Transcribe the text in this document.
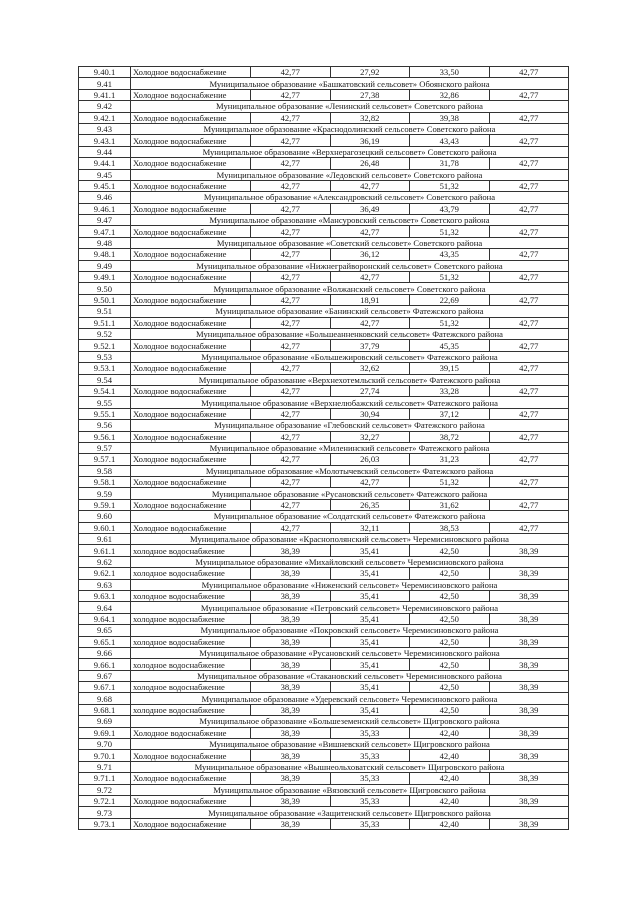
9.40.1	Холодное водоснабжение	42,77	27,92	33,50	42,77
9.41	Муниципальное образование «Башкатовский сельсовет» Обоянского района				
9.41.1	Холодное водоснабжение	42,77	27,38	32,86	42,77
9.42	Муниципальное образование «Ленинский сельсовет» Советского района				
9.42.1	Холодное водоснабжение	42,77	32,82	39,38	42,77
9.43	Муниципальное образование «Краснодолинский сельсовет» Советского района				
9.43.1	Холодное водоснабжение	42,77	36,19	43,43	42,77
9.44	Муниципальное образование «Верхнерагозецкий сельсовет» Советского района				
9.44.1	Холодное водоснабжение	42,77	26,48	31,78	42,77
9.45	Муниципальное образование «Ледовский сельсовет» Советского района				
9.45.1	Холодное водоснабжение	42,77	42,77	51,32	42,77
9.46	Муниципальное образование «Александровский сельсовет» Советского района				
9.46.1	Холодное водоснабжение	42,77	36,49	43,79	42,77
9.47	Муниципальное образование «Мансуровский сельсовет» Советского района				
9.47.1	Холодное водоснабжение	42,77	42,77	51,32	42,77
9.48	Муниципальное образование «Советский сельсовет» Советского района				
9.48.1	Холодное водоснабжение	42,77	36,12	43,35	42,77
9.49	Муниципальное образование «Нижнеграйворонский сельсовет» Советского района				
9.49.1	Холодное водоснабжение	42,77	42,77	51,32	42,77
9.50	Муниципальное образование «Волжанский сельсовет» Советского района				
9.50.1	Холодное водоснабжение	42,77	18,91	22,69	42,77
9.51	Муниципальное образование «Банинский сельсовет» Фатежского района				
9.51.1	Холодное водоснабжение	42,77	42,77	51,32	42,77
9.52	Муниципальное образование «Большеанненковский сельсовет» Фатежского района				
9.52.1	Холодное водоснабжение	42,77	37,79	45,35	42,77
9.53	Муниципальное образование «Большежировский сельсовет» Фатежского района				
9.53.1	Холодное водоснабжение	42,77	32,62	39,15	42,77
9.54	Муниципальное образование «Верхнехотемльский сельсовет» Фатежского района				
9.54.1	Холодное водоснабжение	42,77	27,74	33,28	42,77
9.55	Муниципальное образование «Верхнелюбажский сельсовет» Фатежского района				
9.55.1	Холодное водоснабжение	42,77	30,94	37,12	42,77
9.56	Муниципальное образование «Глебовский сельсовет» Фатежского района				
9.56.1	Холодное водоснабжение	42,77	32,27	38,72	42,77
9.57	Муниципальное образование «Миленинский сельсовет» Фатежского района				
9.57.1	Холодное водоснабжение	42,77	26,03	31,23	42,77
9.58	Муниципальное образование «Молотычевский сельсовет» Фатежского района				
9.58.1	Холодное водоснабжение	42,77	42,77	51,32	42,77
9.59	Муниципальное образование «Русановский сельсовет» Фатежского района				
9.59.1	Холодное водоснабжение	42,77	26,35	31,62	42,77
9.60	Муниципальное образование «Солдатский сельсовет» Фатежского района				
9.60.1	Холодное водоснабжение	42,77	32,11	38,53	42,77
9.61	Муниципальное образование «Краснополянский сельсовет» Черемисиновского района				
9.61.1	холодное водоснабжение	38,39	35,41	42,50	38,39
9.62	Муниципальное образование «Михайловский сельсовет» Черемисиновского района				
9.62.1	холодное водоснабжение	38,39	35,41	42,50	38,39
9.63	Муниципальное образование «Ниженский сельсовет» Черемисиновского района				
9.63.1	холодное водоснабжение	38,39	35,41	42,50	38,39
9.64	Муниципальное образование «Петровский сельсовет» Черемисиновского района				
9.64.1	холодное водоснабжение	38,39	35,41	42,50	38,39
9.65	Муниципальное образование «Покровский сельсовет» Черемисиновского района				
9.65.1	холодное водоснабжение	38,39	35,41	42,50	38,39
9.66	Муниципальное образование «Русановский сельсовет» Черемисиновского района				
9.66.1	холодное водоснабжение	38,39	35,41	42,50	38,39
9.67	Муниципальное образование «Стакановский сельсовет» Черемисиновского района				
9.67.1	холодное водоснабжение	38,39	35,41	42,50	38,39
9.68	Муниципальное образование «Удеревский сельсовет» Черемисиновского района				
9.68.1	холодное водоснабжение	38,39	35,41	42,50	38,39
9.69	Муниципальное образование «Большеземенский сельсовет» Щигровского района				
9.69.1	Холодное водоснабжение	38,39	35,33	42,40	38,39
9.70	Муниципальное образование «Вишневский сельсовет» Щигровского района				
9.70.1	Холодное водоснабжение	38,39	35,33	42,40	38,39
9.71	Муниципальное образование «Вышнеольховатский сельсовет» Щигровского района				
9.71.1	Холодное водоснабжение	38,39	35,33	42,40	38,39
9.72	Муниципальное образование «Вязовский сельсовет» Щигровского района				
9.72.1	Холодное водоснабжение	38,39	35,33	42,40	38,39
9.73	Муниципальное образование «Защитенский сельсовет» Щигровского района				
9.73.1	Холодное водоснабжение	38,39	35,33	42,40	38,39
